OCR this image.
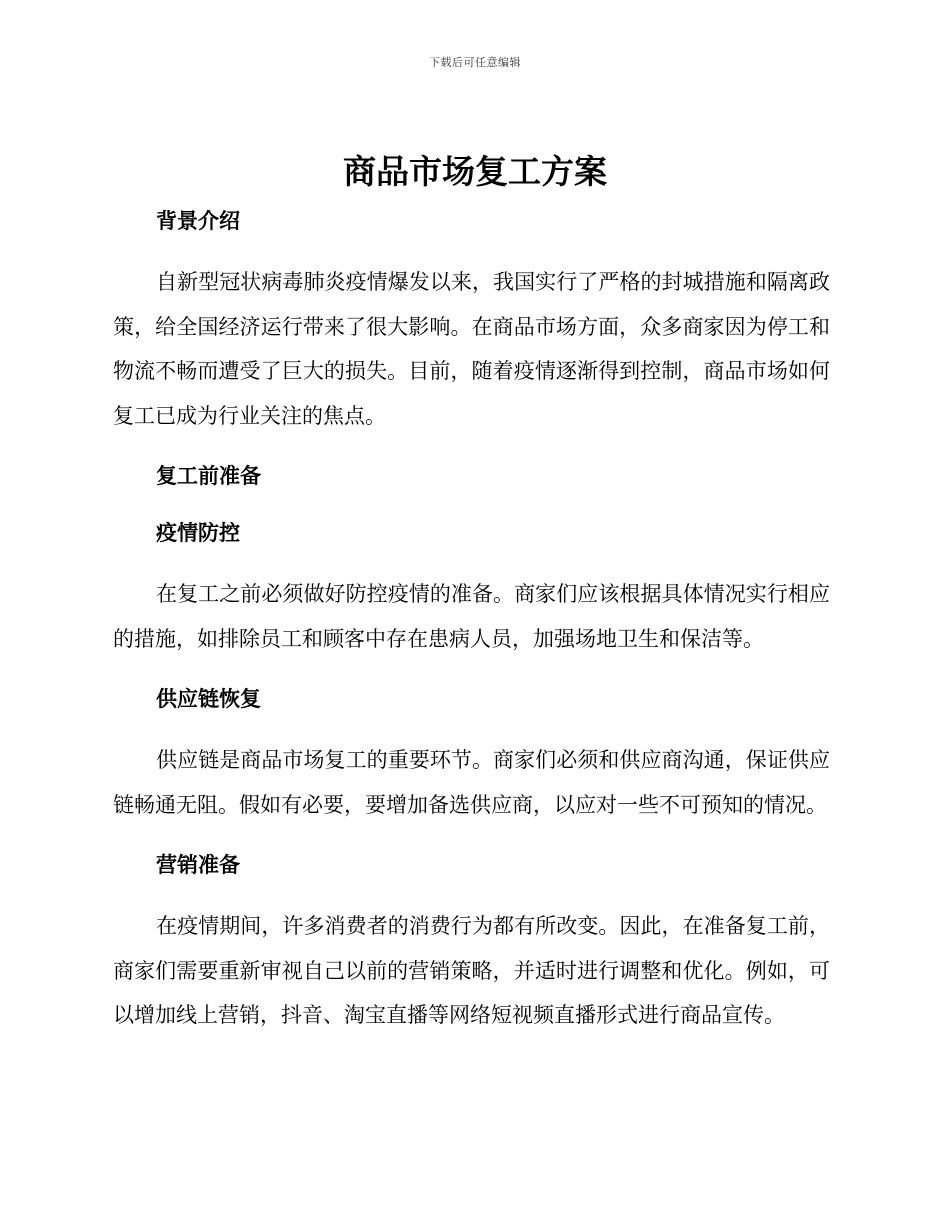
下载后可任意编辑
商品市场复工方案
背景介绍

自新型冠状病毒肺炎疫情爆发以来，我国实行了严格的封城措施和隔离政策，给全国经济运行带来了很大影响。在商品市场方面，众多商家因为停工和物流不畅而遭受了巨大的损失。目前，随着疫情逐渐得到控制，商品市场如何复工已成为行业关注的焦点。

复工前准备
疫情防控

在复工之前必须做好防控疫情的准备。商家们应该根据具体情况实行相应的措施，如排除员工和顾客中存在患病人员，加强场地卫生和保洁等。

供应链恢复

供应链是商品市场复工的重要环节。商家们必须和供应商沟通，保证供应链畅通无阻。假如有必要，要增加备选供应商，以应对一些不可预知的情况。

营销准备

在疫情期间，许多消费者的消费行为都有所改变。因此，在准备复工前，商家们需要重新审视自己以前的营销策略，并适时进行调整和优化。例如，可以增加线上营销，抖音、淘宝直播等网络短视频直播形式进行商品宣传。
